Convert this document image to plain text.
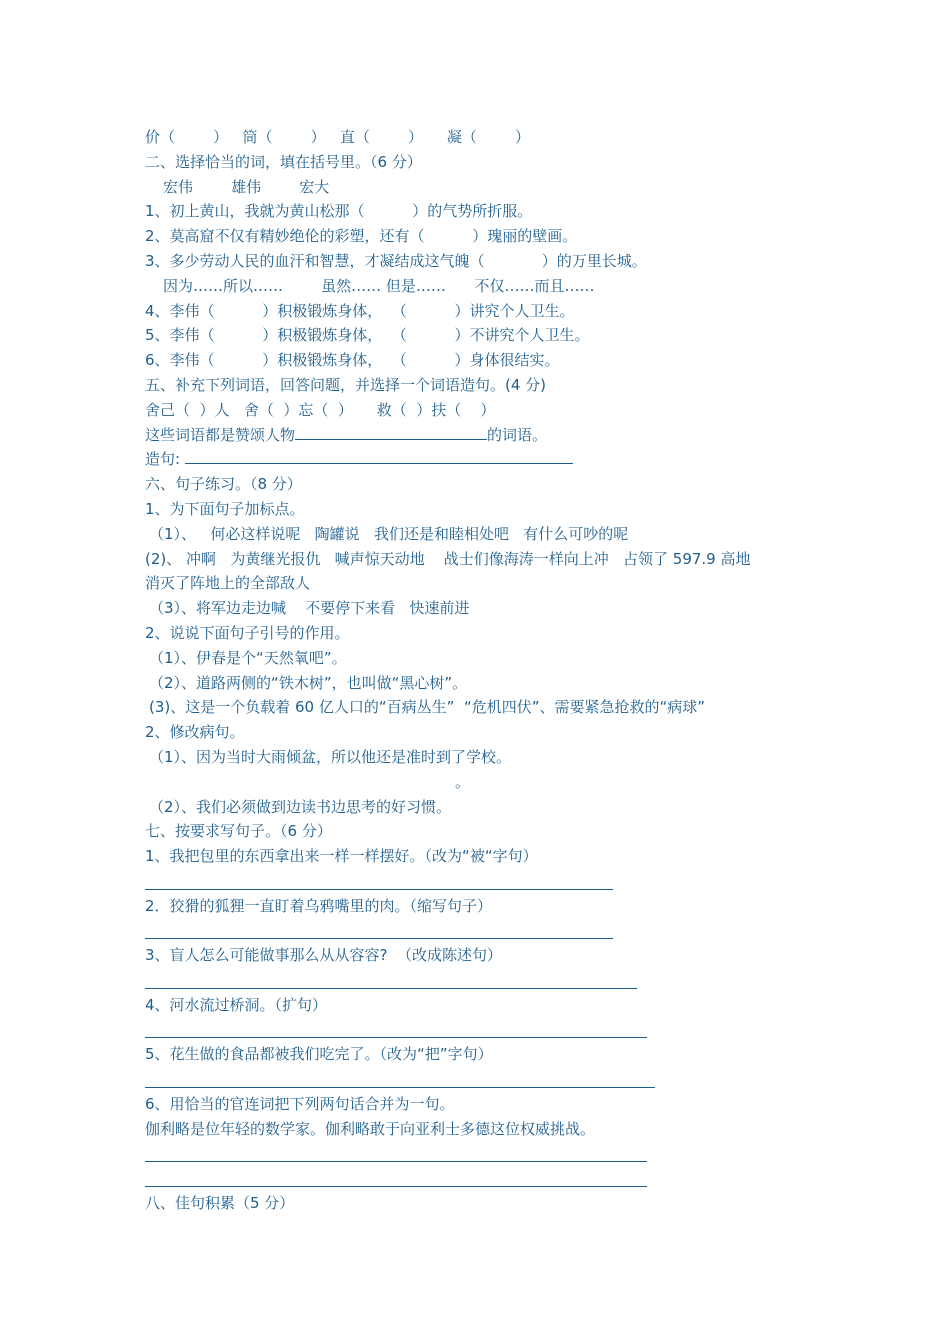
价（        ）   筒（        ）   直（        ）     凝（        ）
二、选择恰当的词，填在括号里。（6 分）
宏伟        雄伟        宏大
1、初上黄山，我就为黄山松那（          ）的气势所折服。
2、莫高窟不仅有精妙绝伦的彩塑，还有（          ）瑰丽的壁画。
3、多少劳动人民的血汗和智慧，才凝结成这气魄（            ）的万里长城。
因为……所以……        虽然…… 但是……      不仅……而且……
4、李伟（          ）积极锻炼身体，  （          ）讲究个人卫生。
5、李伟（          ）积极锻炼身体，  （          ）不讲究个人卫生。
6、李伟（          ）积极锻炼身体，  （          ）身体很结实。
五、补充下列词语，回答问题，并选择一个词语造句。(4 分)
舍己（  ）人   舍（  ）忘（  ）     救（  ）扶（    ）
这些词语都是赞颂人物	的词语。
造句:
六、句子练习。（8 分）
1、为下面句子加标点。
（1）、   何必这样说呢   陶罐说   我们还是和睦相处吧   有什么可吵的呢
(2)、 冲啊   为黄继光报仇   喊声惊天动地    战士们像海涛一样向上冲   占领了 597.9 高地
消灭了阵地上的全部敌人
（3）、将军边走边喊    不要停下来看   快速前进
2、说说下面句子引号的作用。
（1）、伊春是个“天然氧吧”。
（2）、道路两侧的“铁木树”，也叫做“黑心树”。
(3)、这是一个负载着 60 亿人口的“百病丛生”  “危机四伏”、需要紧急抢救的“病球”
2、修改病句。
（1）、因为当时大雨倾盆，所以他还是准时到了学校。
。
（2）、我们必须做到边读书边思考的好习惯。
七、按要求写句子。（6 分）
1、我把包里的东西拿出来一样一样摆好。（改为“被“字句）
2．狡猾的狐狸一直盯着乌鸦嘴里的肉。（缩写句子）
3、盲人怎么可能做事那么从从容容?  （改成陈述句）
4、河水流过桥洞。（扩句）
5、花生做的食品都被我们吃完了。（改为“把”字句）
6、用恰当的官连词把下列两句话合并为一句。
伽利略是位年轻的数学家。伽利略敢于向亚利士多德这位权威挑战。
八、佳句积累（5 分）
